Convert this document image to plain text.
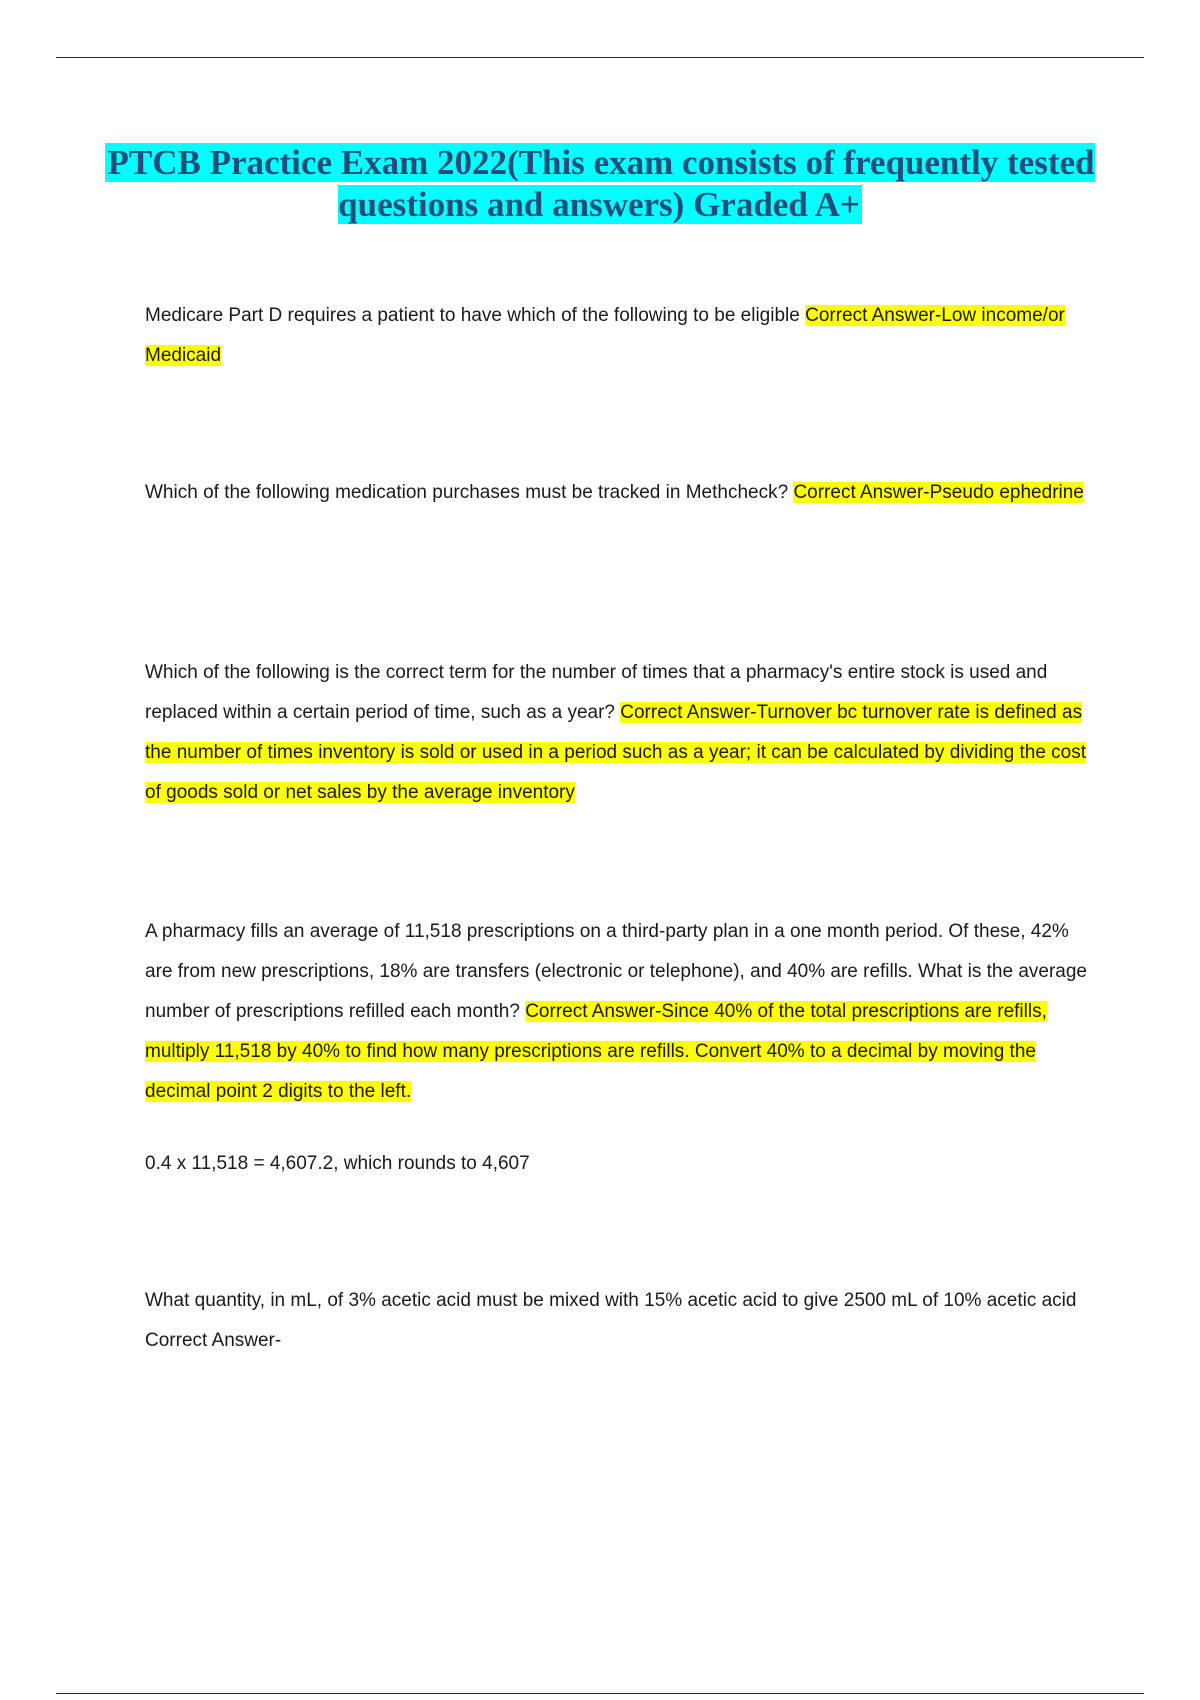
PTCB Practice Exam 2022(This exam consists of frequently tested questions and answers) Graded A+

Medicare Part D requires a patient to have which of the following to be eligible Correct Answer-Low income/or Medicaid

Which of the following medication purchases must be tracked in Methcheck? Correct Answer-Pseudo ephedrine

Which of the following is the correct term for the number of times that a pharmacy's entire stock is used and replaced within a certain period of time, such as a year? Correct Answer-Turnover bc turnover rate is defined as the number of times inventory is sold or used in a period such as a year; it can be calculated by dividing the cost of goods sold or net sales by the average inventory

A pharmacy fills an average of 11,518 prescriptions on a third-party plan in a one month period. Of these, 42% are from new prescriptions, 18% are transfers (electronic or telephone), and 40% are refills. What is the average number of prescriptions refilled each month? Correct Answer-Since 40% of the total prescriptions are refills, multiply 11,518 by 40% to find how many prescriptions are refills. Convert 40% to a decimal by moving the decimal point 2 digits to the left.

0.4 x 11,518 = 4,607.2, which rounds to 4,607

What quantity, in mL, of 3% acetic acid must be mixed with 15% acetic acid to give 2500 mL of 10% acetic acid Correct Answer-
